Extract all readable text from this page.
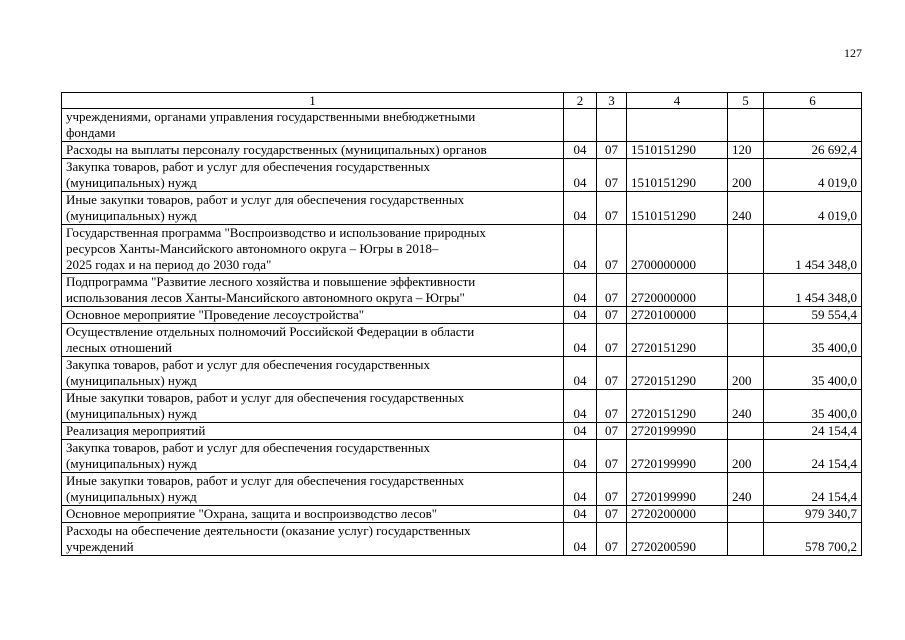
127
1	2	3	4	5	6

учреждениями, органами управления государственными внебюджетными
фондами					

Расходы на выплаты персоналу государственных (муниципальных) органов	04	07	1510151290	120	26 692,4

Закупка товаров, работ и услуг для обеспечения государственных
(муниципальных) нужд	04	07	1510151290	200	4 019,0

Иные закупки товаров, работ и услуг для обеспечения государственных
(муниципальных) нужд	04	07	1510151290	240	4 019,0

Государственная программа "Воспроизводство и использование природных
ресурсов Ханты-Мансийского автономного округа – Югры в 2018–
2025 годах и на период до 2030 года"	04	07	2700000000		1 454 348,0

Подпрограмма "Развитие лесного хозяйства и повышение эффективности
использования лесов Ханты-Мансийского автономного округа – Югры"	04	07	2720000000		1 454 348,0

Основное мероприятие "Проведение лесоустройства"	04	07	2720100000		59 554,4

Осуществление отдельных полномочий Российской Федерации в области
лесных отношений	04	07	2720151290		35 400,0

Закупка товаров, работ и услуг для обеспечения государственных
(муниципальных) нужд	04	07	2720151290	200	35 400,0

Иные закупки товаров, работ и услуг для обеспечения государственных
(муниципальных) нужд	04	07	2720151290	240	35 400,0

Реализация мероприятий	04	07	2720199990		24 154,4

Закупка товаров, работ и услуг для обеспечения государственных
(муниципальных) нужд	04	07	2720199990	200	24 154,4

Иные закупки товаров, работ и услуг для обеспечения государственных
(муниципальных) нужд	04	07	2720199990	240	24 154,4

Основное мероприятие "Охрана, защита и воспроизводство лесов"	04	07	2720200000		979 340,7

Расходы на обеспечение деятельности (оказание услуг) государственных
учреждений	04	07	2720200590		578 700,2
